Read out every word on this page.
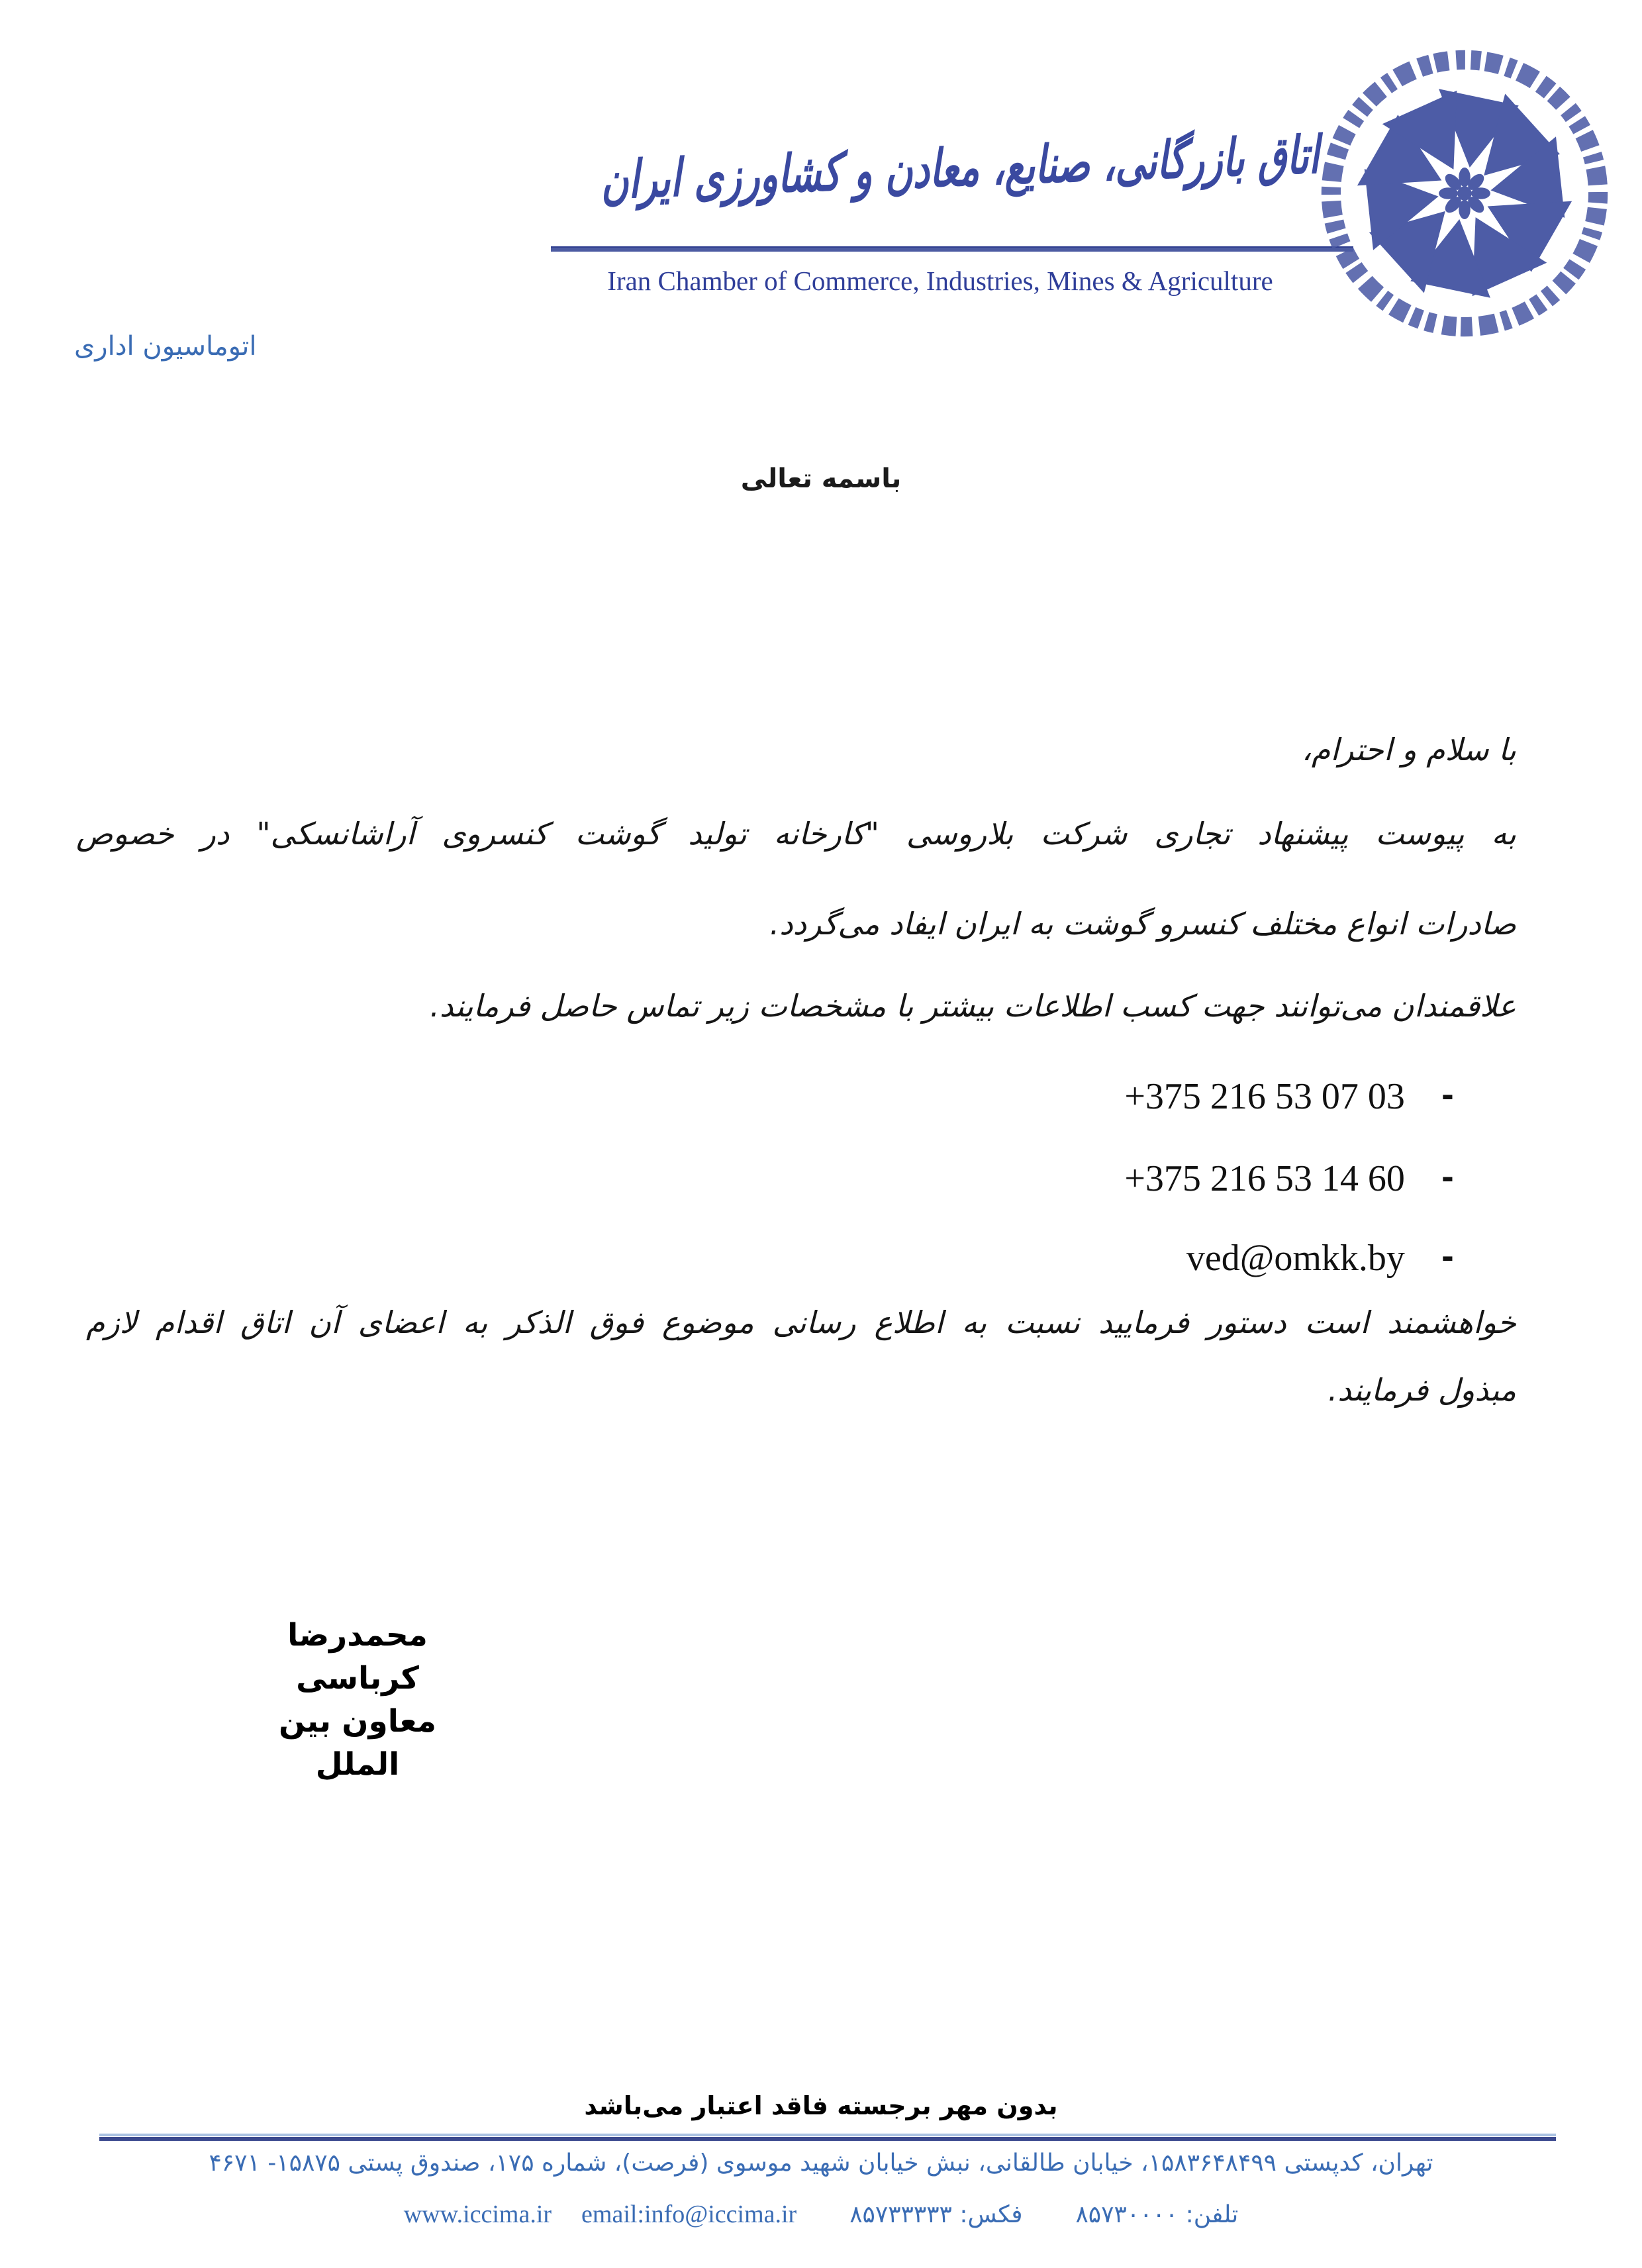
اتاق بازرگانی، صنایع، معادن و کشاورزی ایران
Iran Chamber of Commerce, Industries, Mines & Agriculture
اتوماسیون اداری
باسمه تعالی
با سلام و احترام،
به پیوست پیشنهاد تجاری شرکت بلاروسی "کارخانه تولید گوشت کنسروی آراشانسکی" در خصوص
صادرات انواع مختلف کنسرو گوشت به ایران ایفاد می‌گردد.
علاقمندان می‌توانند جهت کسب اطلاعات بیشتر با مشخصات زیر تماس حاصل فرمایند.
-+375 216 53 07 03
-+375 216 53 14 60
-ved@omkk.by
خواهشمند است دستور فرمایید نسبت به اطلاع رسانی موضوع فوق الذکر به اعضای آن اتاق اقدام لازم
مبذول فرمایند.
محمدرضا کرباسی
معاون بین الملل
بدون مهر برجسته فاقد اعتبار می‌باشد
تهران، کدپستی ۱۵۸۳۶۴۸۴۹۹، خیابان طالقانی، نبش خیابان شهید موسوی (فرصت)، شماره ۱۷۵، صندوق پستی ۱۵۸۷۵- ۴۶۷۱
تلفن: ۸۵۷۳۰۰۰۰
فکس: ۸۵۷۳۳۳۳۳
www.iccima.ir email:info@iccima.ir
